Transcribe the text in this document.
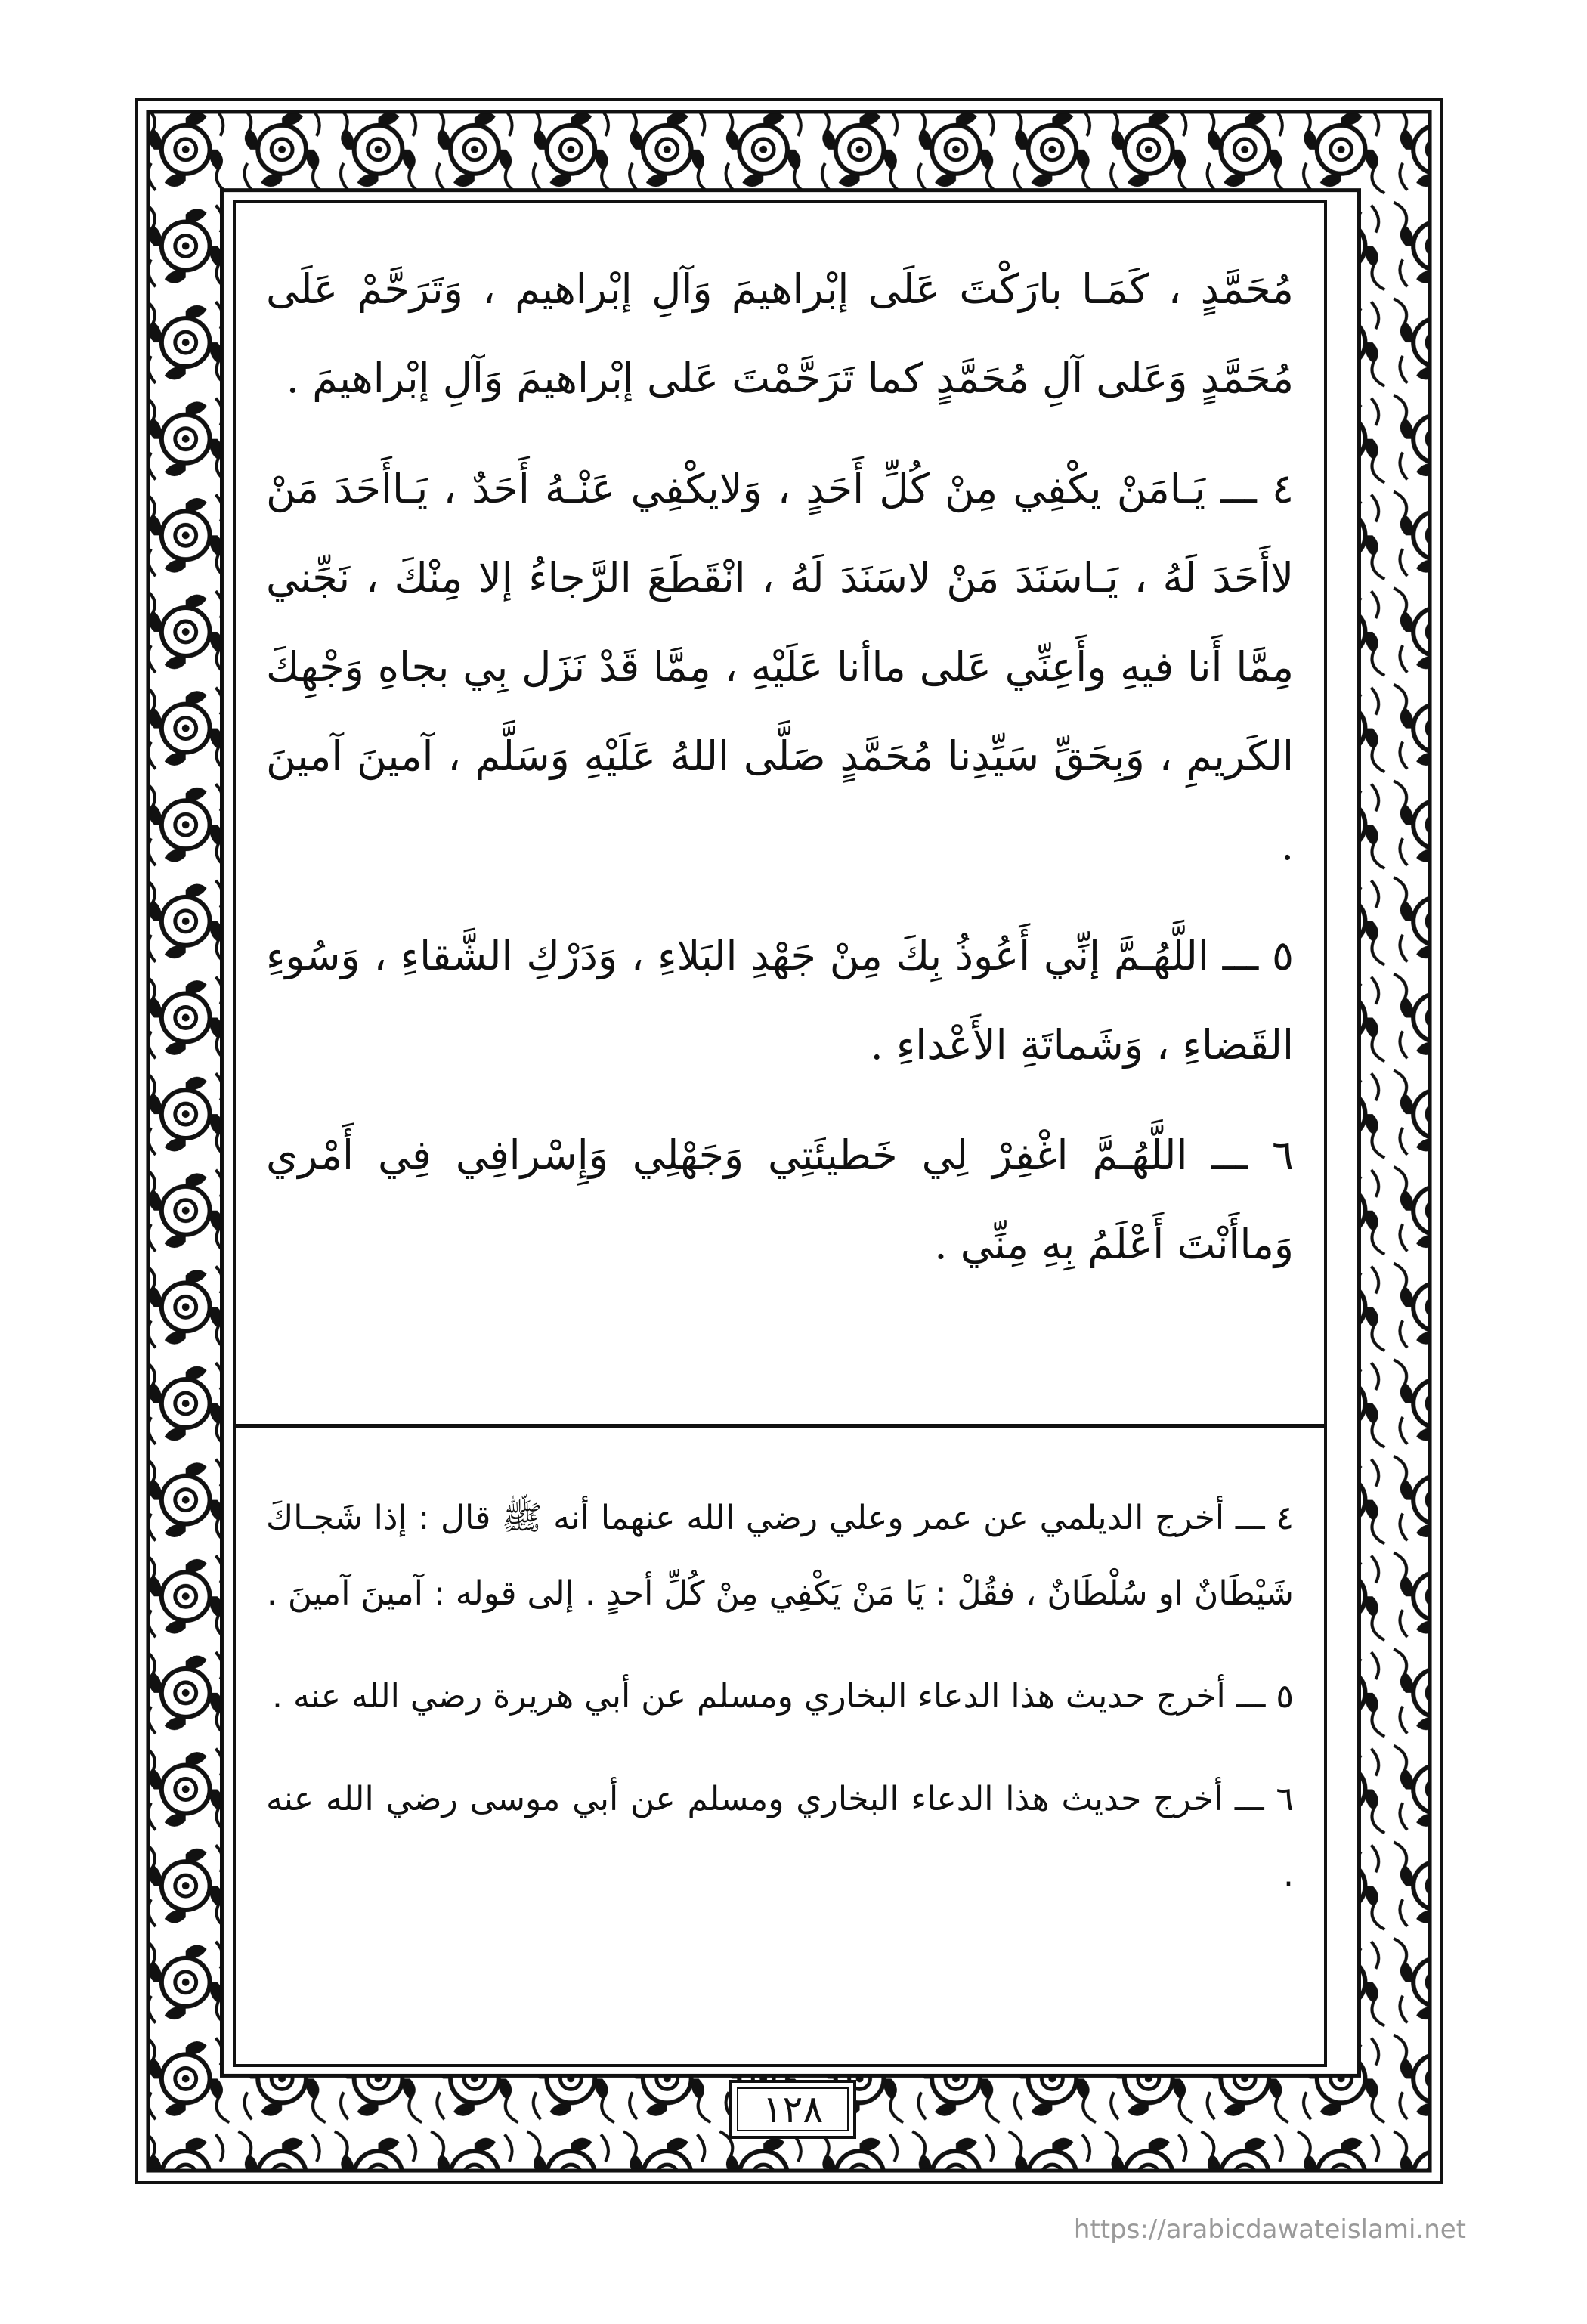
مُحَمَّدٍ ، كَمَـا بارَكْتَ عَلَى إبْراهيمَ وَآلِ إبْراهيم ، وَتَرَحَّمْ عَلَى مُحَمَّدٍ وَعَلى آلِ مُحَمَّدٍ كما تَرَحَّمْتَ عَلى إبْراهيمَ وَآلِ إبْراهيمَ .

٤ ـــ يَـامَنْ يكْفِي مِنْ كُلِّ أَحَدٍ ، وَلايكْفِي عَنْـهُ أَحَدٌ ، يَـاأَحَدَ مَنْ لاأَحَدَ لَهُ ، يَـاسَنَدَ مَنْ لاسَنَدَ لَهُ ، انْقَطَعَ الرَّجاءُ إلا مِنْكَ ، نَجِّني مِمَّا أَنا فيهِ وأَعِنِّي عَلى ماأنا عَلَيْهِ ، مِمَّا قَدْ نَزَل بِي بجاهِ وَجْهِكَ الكَريمِ ، وَبِحَقِّ سَيِّدِنا مُحَمَّدٍ صَلَّى اللهُ عَلَيْهِ وَسَلَّم ، آمينَ آمينَ .

٥ ـــ اللَّهُـمَّ إنِّي أَعُوذُ بِكَ مِنْ جَهْدِ البَلاءِ ، وَدَرْكِ الشَّقاءِ ، وَسُوءِ القَضاءِ ، وَشَماتَةِ الأَعْداءِ .

٦ ـــ اللَّهُـمَّ اغْفِرْ لِي خَطيئَتِي وَجَهْلِي وَإِسْرافِي فِي أَمْري وَماأَنْتَ أَعْلَمُ بِهِ مِنِّي .

٤ ـــ أخرج الديلمي عن عمر وعلي رضي الله عنهما أنه ﷺ قال : إذا شَجـاكَ شَيْطَانٌ او سُلْطَانٌ ، فقُلْ : يَا مَنْ يَكْفِي مِنْ كُلِّ أحدٍ . إلى قوله : آمينَ آمينَ .

٥ ـــ أخرج حديث هذا الدعاء البخاري ومسلم عن أبي هريرة رضي الله عنه .

٦ ـــ أخرج حديث هذا الدعاء البخاري ومسلم عن أبي موسى رضي الله عنه .

١٢٨
https://arabicdawateislami.net
